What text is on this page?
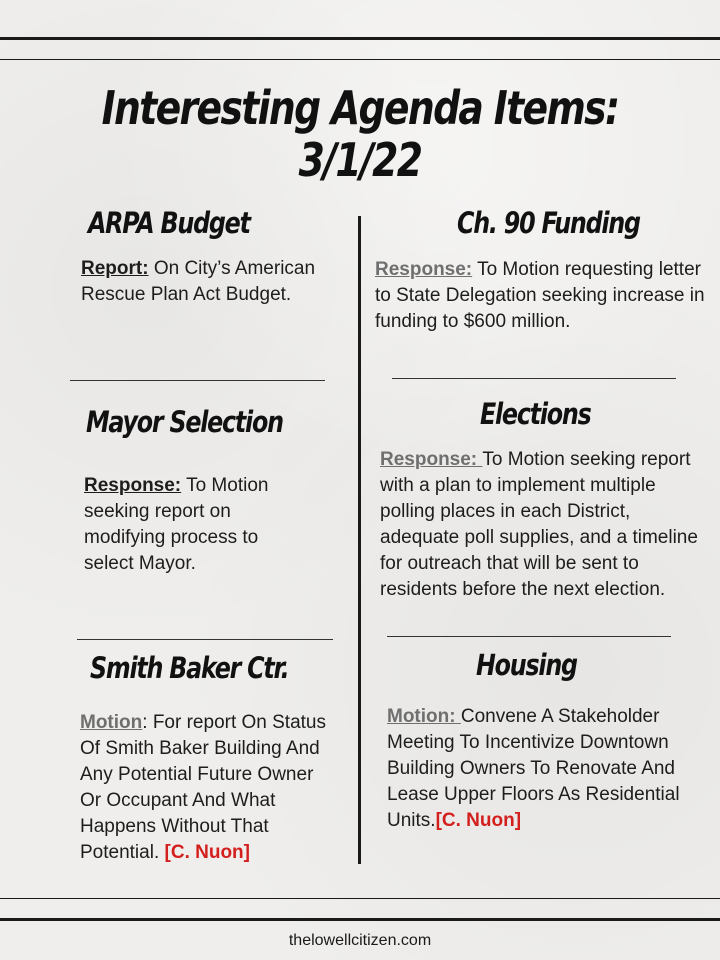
Interesting Agenda Items:
3/1/22
ARPA Budget
Report: On City’s American Rescue Plan Act Budget.
Ch. 90 Funding
Response: To Motion requesting letter to State Delegation seeking increase in funding to $600 million.
Mayor Selection
Response: To Motion seeking report on modifying process to select Mayor.
Elections
Response: To Motion seeking report with a plan to implement multiple polling places in each District, adequate poll supplies, and a timeline for outreach that will be sent to residents before the next election.
Smith Baker Ctr.
Motion: For report On Status Of Smith Baker Building And Any Potential Future Owner Or Occupant And What Happens Without That Potential. [C. Nuon]
Housing
Motion: Convene A Stakeholder Meeting To Incentivize Downtown Building Owners To Renovate And Lease Upper Floors As Residential Units.[C. Nuon]
thelowellcitizen.com
